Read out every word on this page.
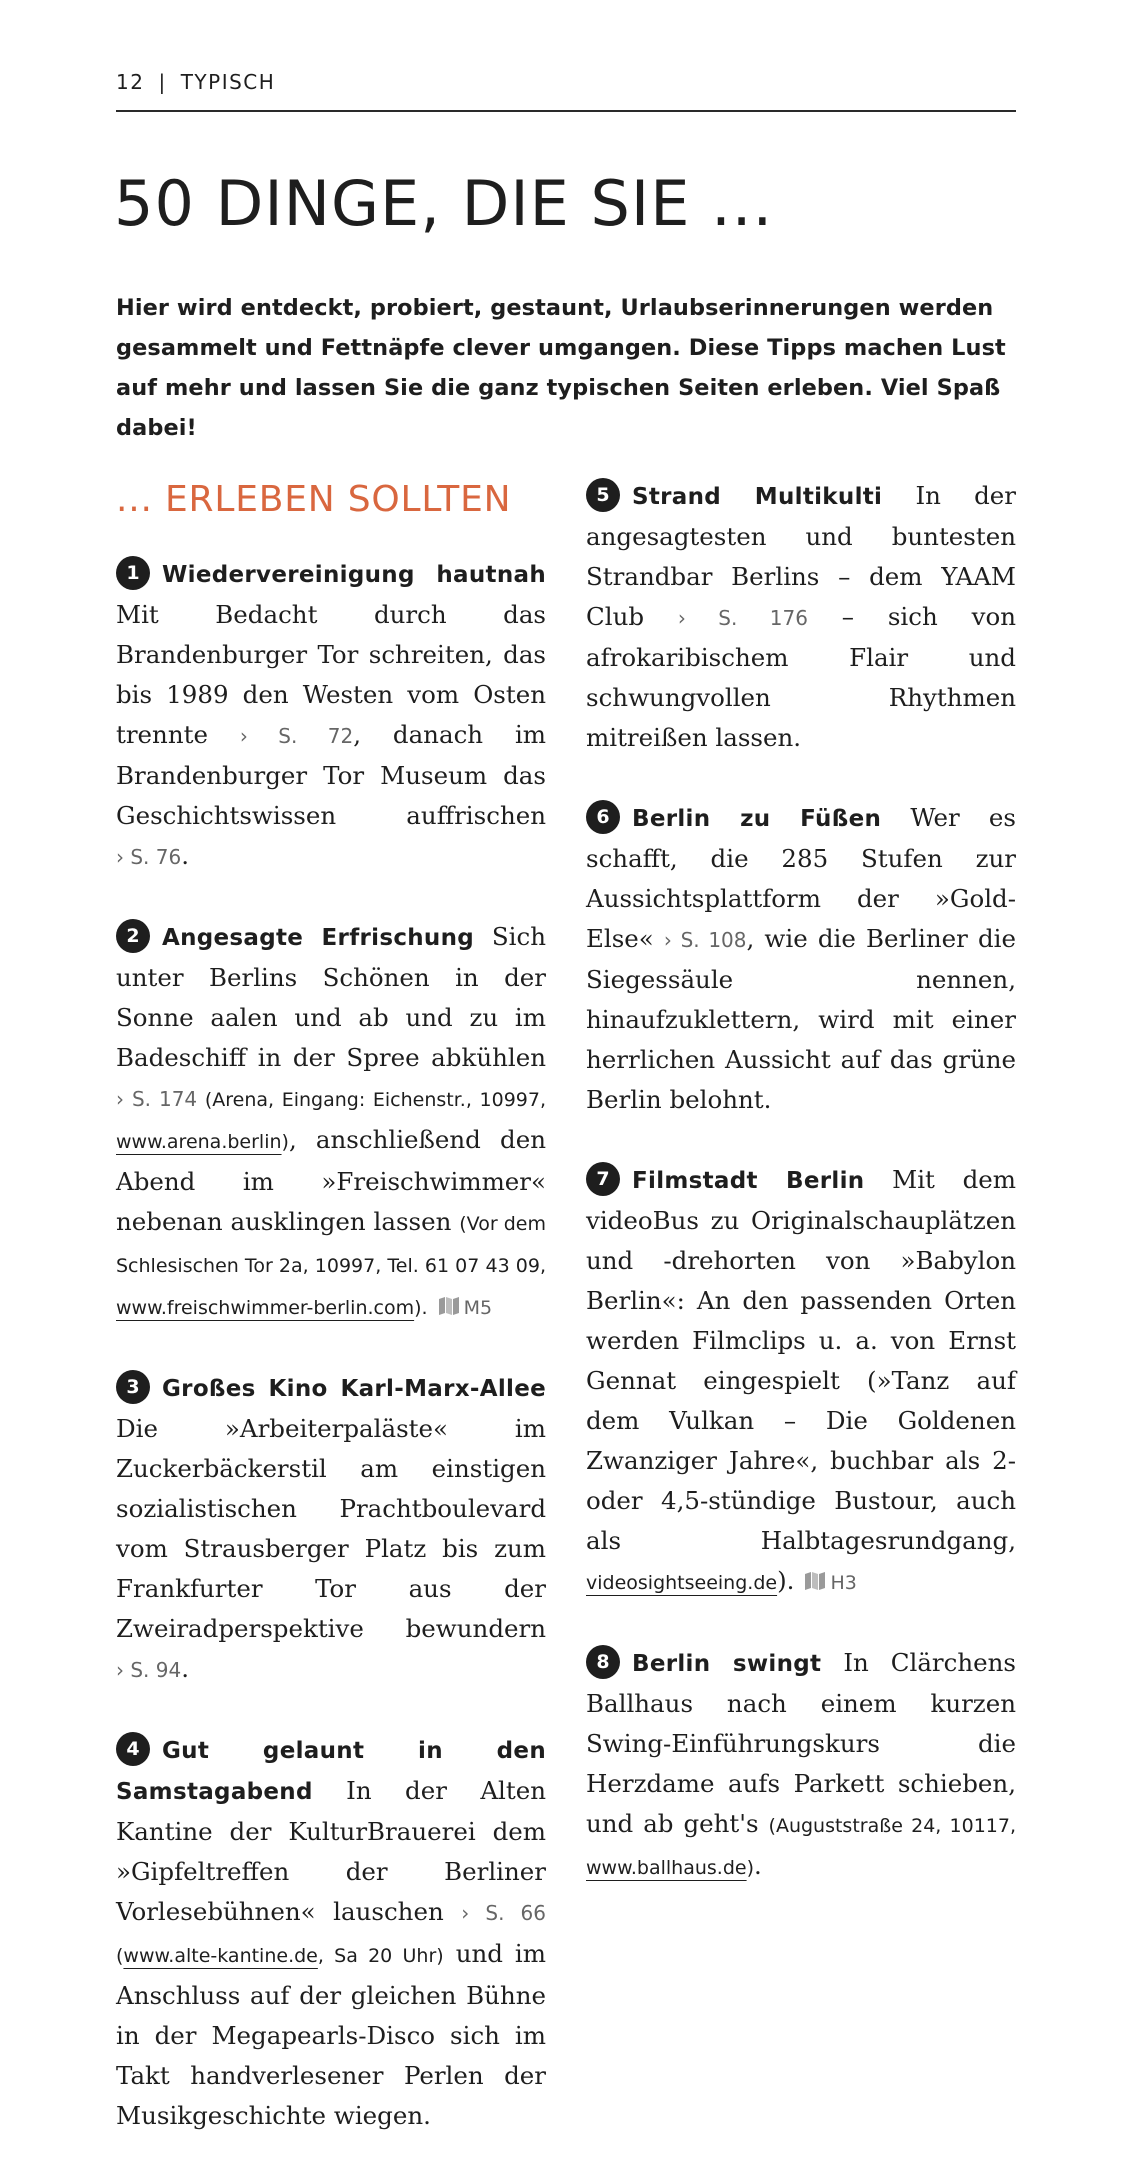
12 | TYPISCH
50 DINGE, DIE SIE ...

Hier wird entdeckt, probiert, gestaunt, Urlaubserinnerungen werden gesammelt und Fettnäpfe clever umgangen. Diese Tipps machen Lust auf mehr und lassen Sie die ganz typischen Seiten erleben. Viel Spaß dabei!

... ERLEBEN SOLLTEN

1 Wiedervereinigung hautnah Mit Bedacht durch das Brandenburger Tor schreiten, das bis 1989 den Westen vom Osten trennte › S. 72, danach im Brandenburger Tor Museum das Geschichtswissen auffrischen › S. 76.

2 Angesagte Erfrischung Sich unter Berlins Schönen in der Sonne aalen und ab und zu im Badeschiff in der Spree abkühlen › S. 174 (Arena, Eingang: Eichenstr., 10997, www.arena.berlin), anschließend den Abend im »Freischwimmer« nebenan ausklingen lassen (Vor dem Schlesischen Tor 2a, 10997, Tel. 61 07 43 09, www.freischwimmer-berlin.com). M5

3 Großes Kino Karl-Marx-Allee Die »Arbeiterpaläste« im Zuckerbäckerstil am einstigen sozialistischen Prachtboulevard vom Strausberger Platz bis zum Frankfurter Tor aus der Zweiradperspektive bewundern › S. 94.

4 Gut gelaunt in den Samstagabend In der Alten Kantine der KulturBrauerei dem »Gipfeltreffen der Berliner Vorlesebühnen« lauschen › S. 66 (www.alte-kantine.de, Sa 20 Uhr) und im Anschluss auf der gleichen Bühne in der Megapearls-Disco sich im Takt handverlesener Perlen der Musikgeschichte wiegen.

5 Strand Multikulti In der angesagtesten und buntesten Strandbar Berlins – dem YAAM Club › S. 176 – sich von afrokaribischem Flair und schwungvollen Rhythmen mitreißen lassen.

6 Berlin zu Füßen Wer es schafft, die 285 Stufen zur Aussichtsplattform der »Gold-Else« › S. 108, wie die Berliner die Siegessäule nennen, hinaufzuklettern, wird mit einer herrlichen Aussicht auf das grüne Berlin belohnt.

7 Filmstadt Berlin Mit dem videoBus zu Originalschauplätzen und -drehorten von »Babylon Berlin«: An den passenden Orten werden Filmclips u. a. von Ernst Gennat eingespielt (»Tanz auf dem Vulkan – Die Goldenen Zwanziger Jahre«, buchbar als 2- oder 4,5-stündige Bustour, auch als Halbtagesrundgang, videosightseeing.de). H3

8 Berlin swingt In Clärchens Ballhaus nach einem kurzen Swing-Einführungskurs die Herzdame aufs Parkett schieben, und ab geht's (Auguststraße 24, 10117, www.ballhaus.de).
